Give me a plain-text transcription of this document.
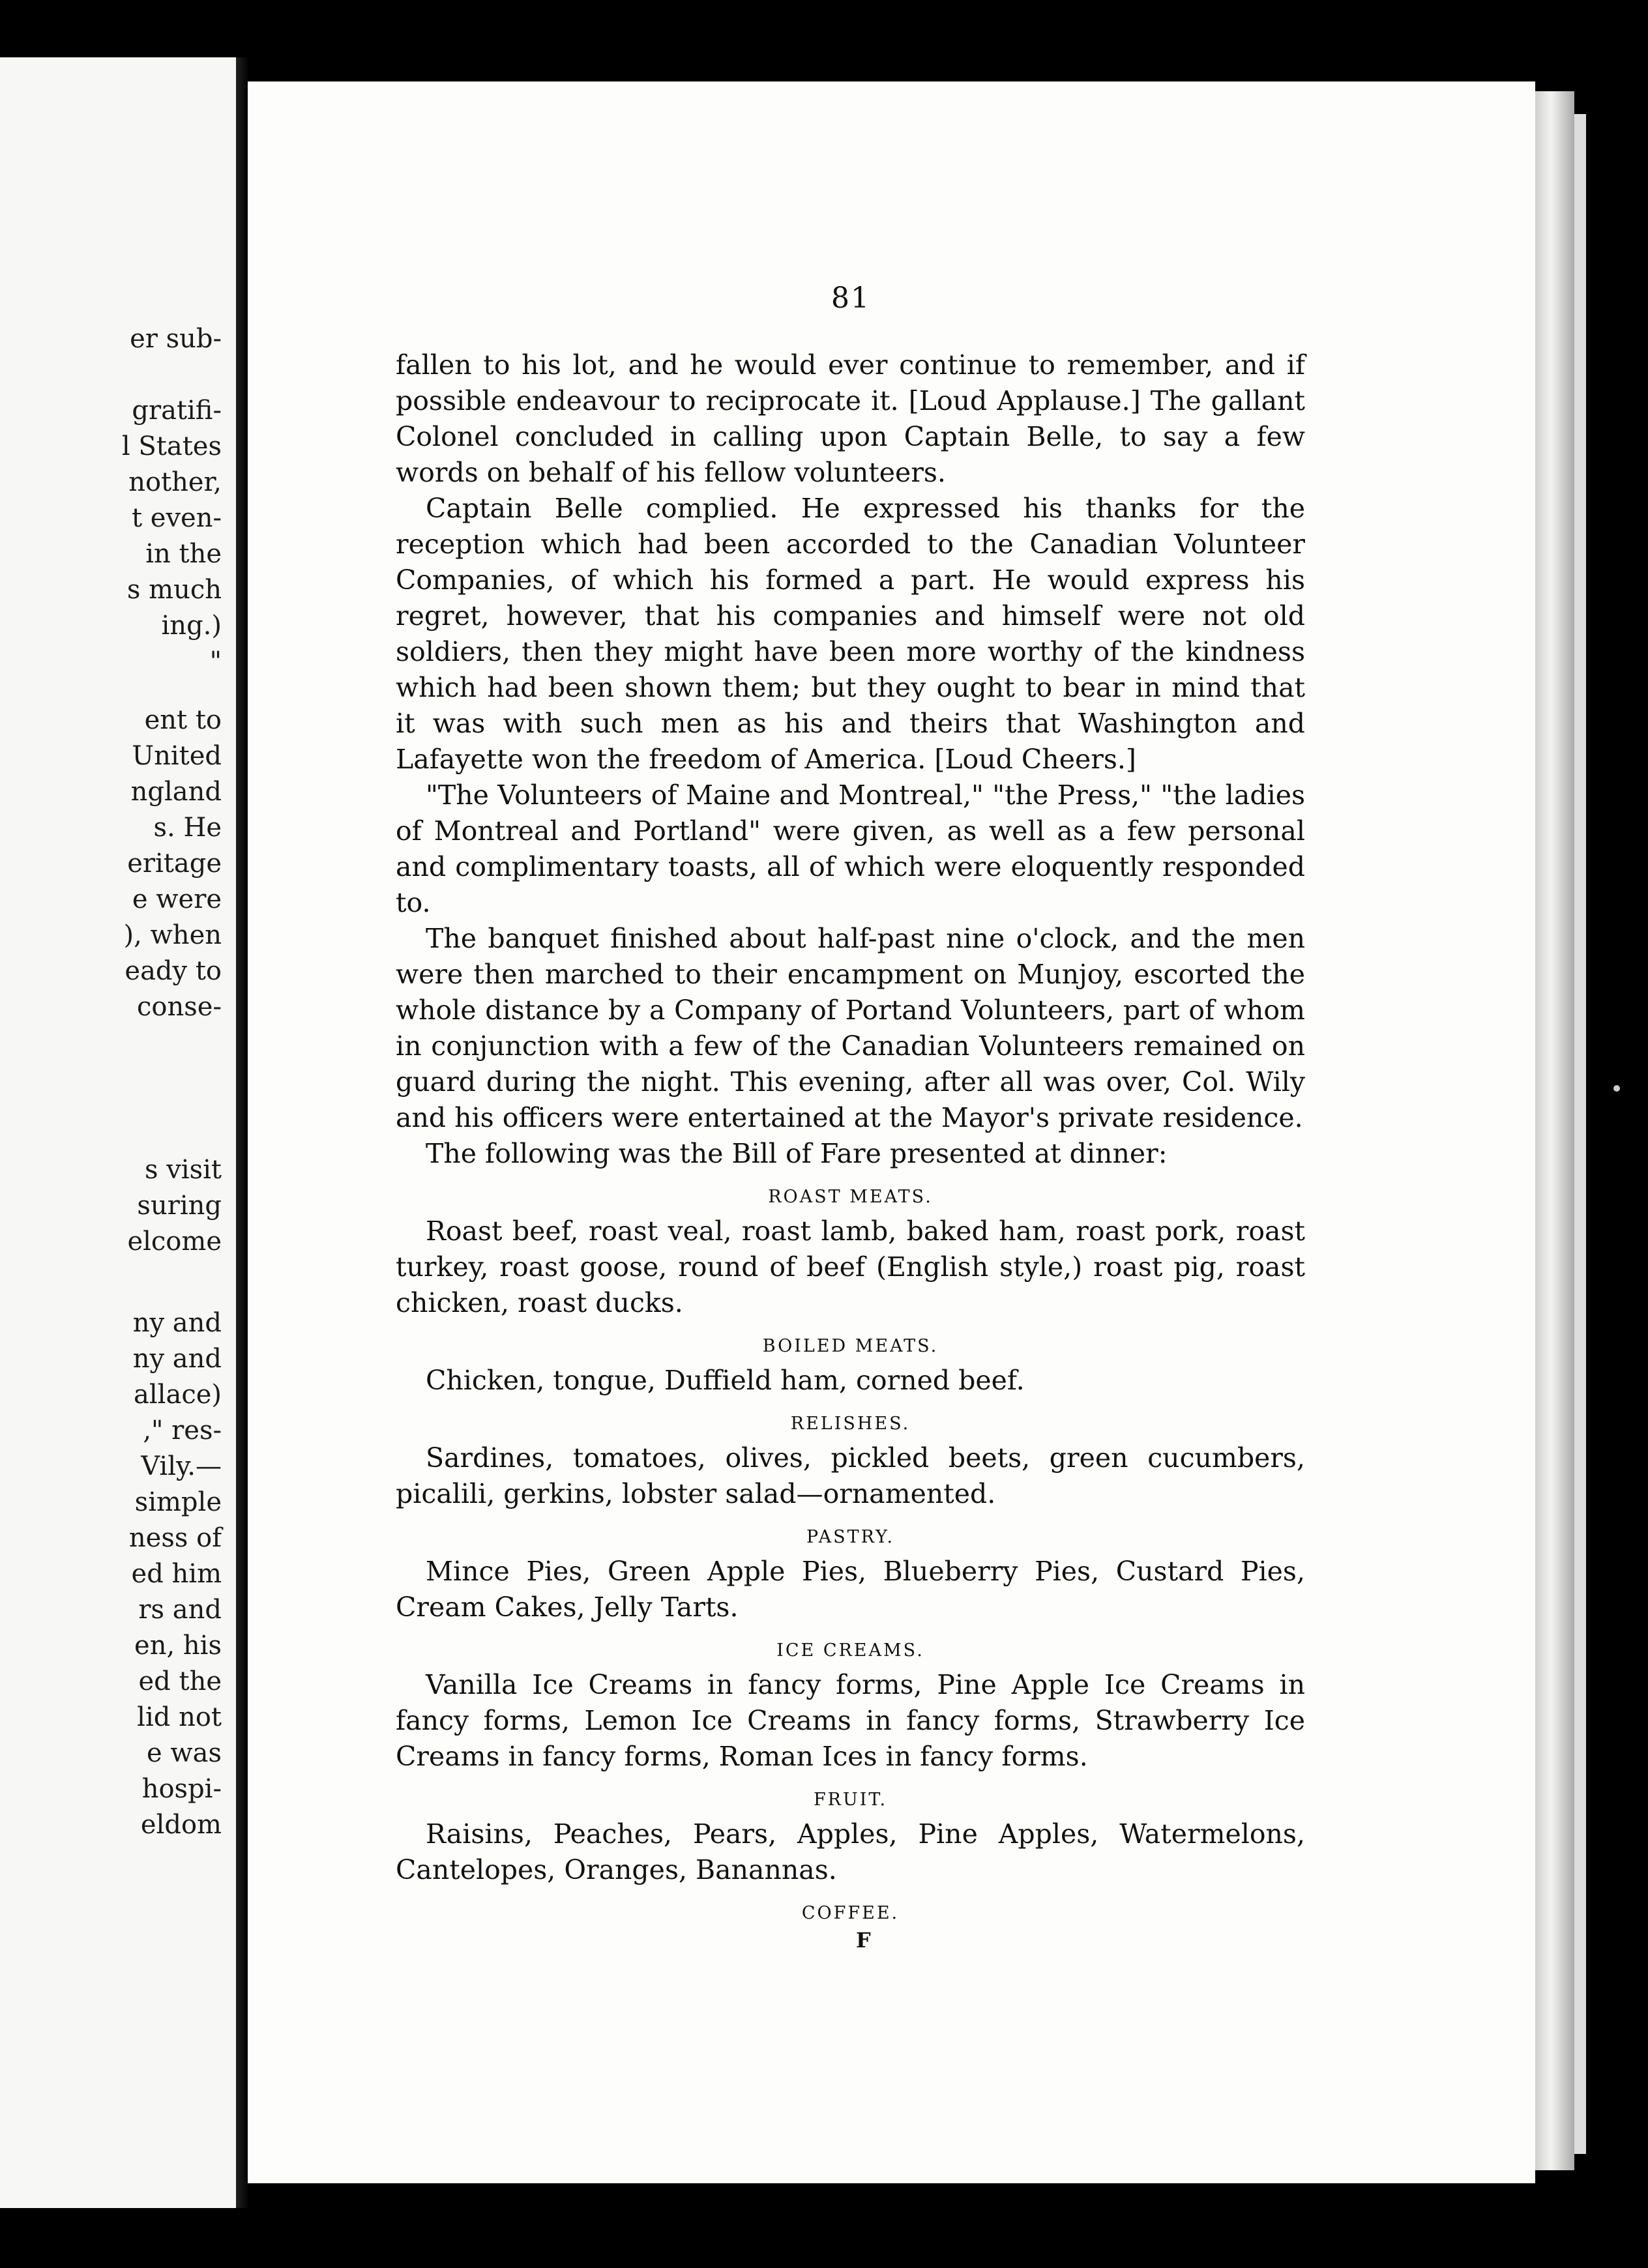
er sub-
gratifi-
l States
nother,
t even-
in the
s much
ing.)
"
ent to
United
ngland
s. He
eritage
e were
), when
eady to
conse-
s visit
suring
elcome
ny and
ny and
allace)
," res-
Vily.—
simple
ness of
ed him
rs and
en, his
ed the
lid not
e was
hospi-
eldom
81

fallen to his lot, and he would ever continue to remember, and if possible endeavour to reciprocate it. [Loud Applause.] The gallant Colonel concluded in calling upon Captain Belle, to say a few words on behalf of his fellow volunteers.

Captain Belle complied. He expressed his thanks for the reception which had been accorded to the Canadian Volunteer Companies, of which his formed a part. He would express his regret, however, that his companies and himself were not old soldiers, then they might have been more worthy of the kindness which had been shown them; but they ought to bear in mind that it was with such men as his and theirs that Washington and Lafayette won the freedom of America. [Loud Cheers.]

"The Volunteers of Maine and Montreal," "the Press," "the ladies of Montreal and Portland" were given, as well as a few personal and complimentary toasts, all of which were eloquently responded to.

The banquet finished about half-past nine o'clock, and the men were then marched to their encampment on Munjoy, escorted the whole distance by a Company of Portand Volunteers, part of whom in conjunction with a few of the Canadian Volunteers remained on guard during the night. This evening, after all was over, Col. Wily and his officers were entertained at the Mayor's private residence.

The following was the Bill of Fare presented at dinner:

ROAST MEATS.

Roast beef, roast veal, roast lamb, baked ham, roast pork, roast turkey, roast goose, round of beef (English style,) roast pig, roast chicken, roast ducks.

BOILED MEATS.

Chicken, tongue, Duffield ham, corned beef.

RELISHES.

Sardines, tomatoes, olives, pickled beets, green cucumbers, picalili, gerkins, lobster salad—ornamented.

PASTRY.

Mince Pies, Green Apple Pies, Blueberry Pies, Custard Pies, Cream Cakes, Jelly Tarts.

ICE CREAMS.

Vanilla Ice Creams in fancy forms, Pine Apple Ice Creams in fancy forms, Lemon Ice Creams in fancy forms, Strawberry Ice Creams in fancy forms, Roman Ices in fancy forms.

FRUIT.

Raisins, Peaches, Pears, Apples, Pine Apples, Watermelons, Cantelopes, Oranges, Banannas.

COFFEE.
F
